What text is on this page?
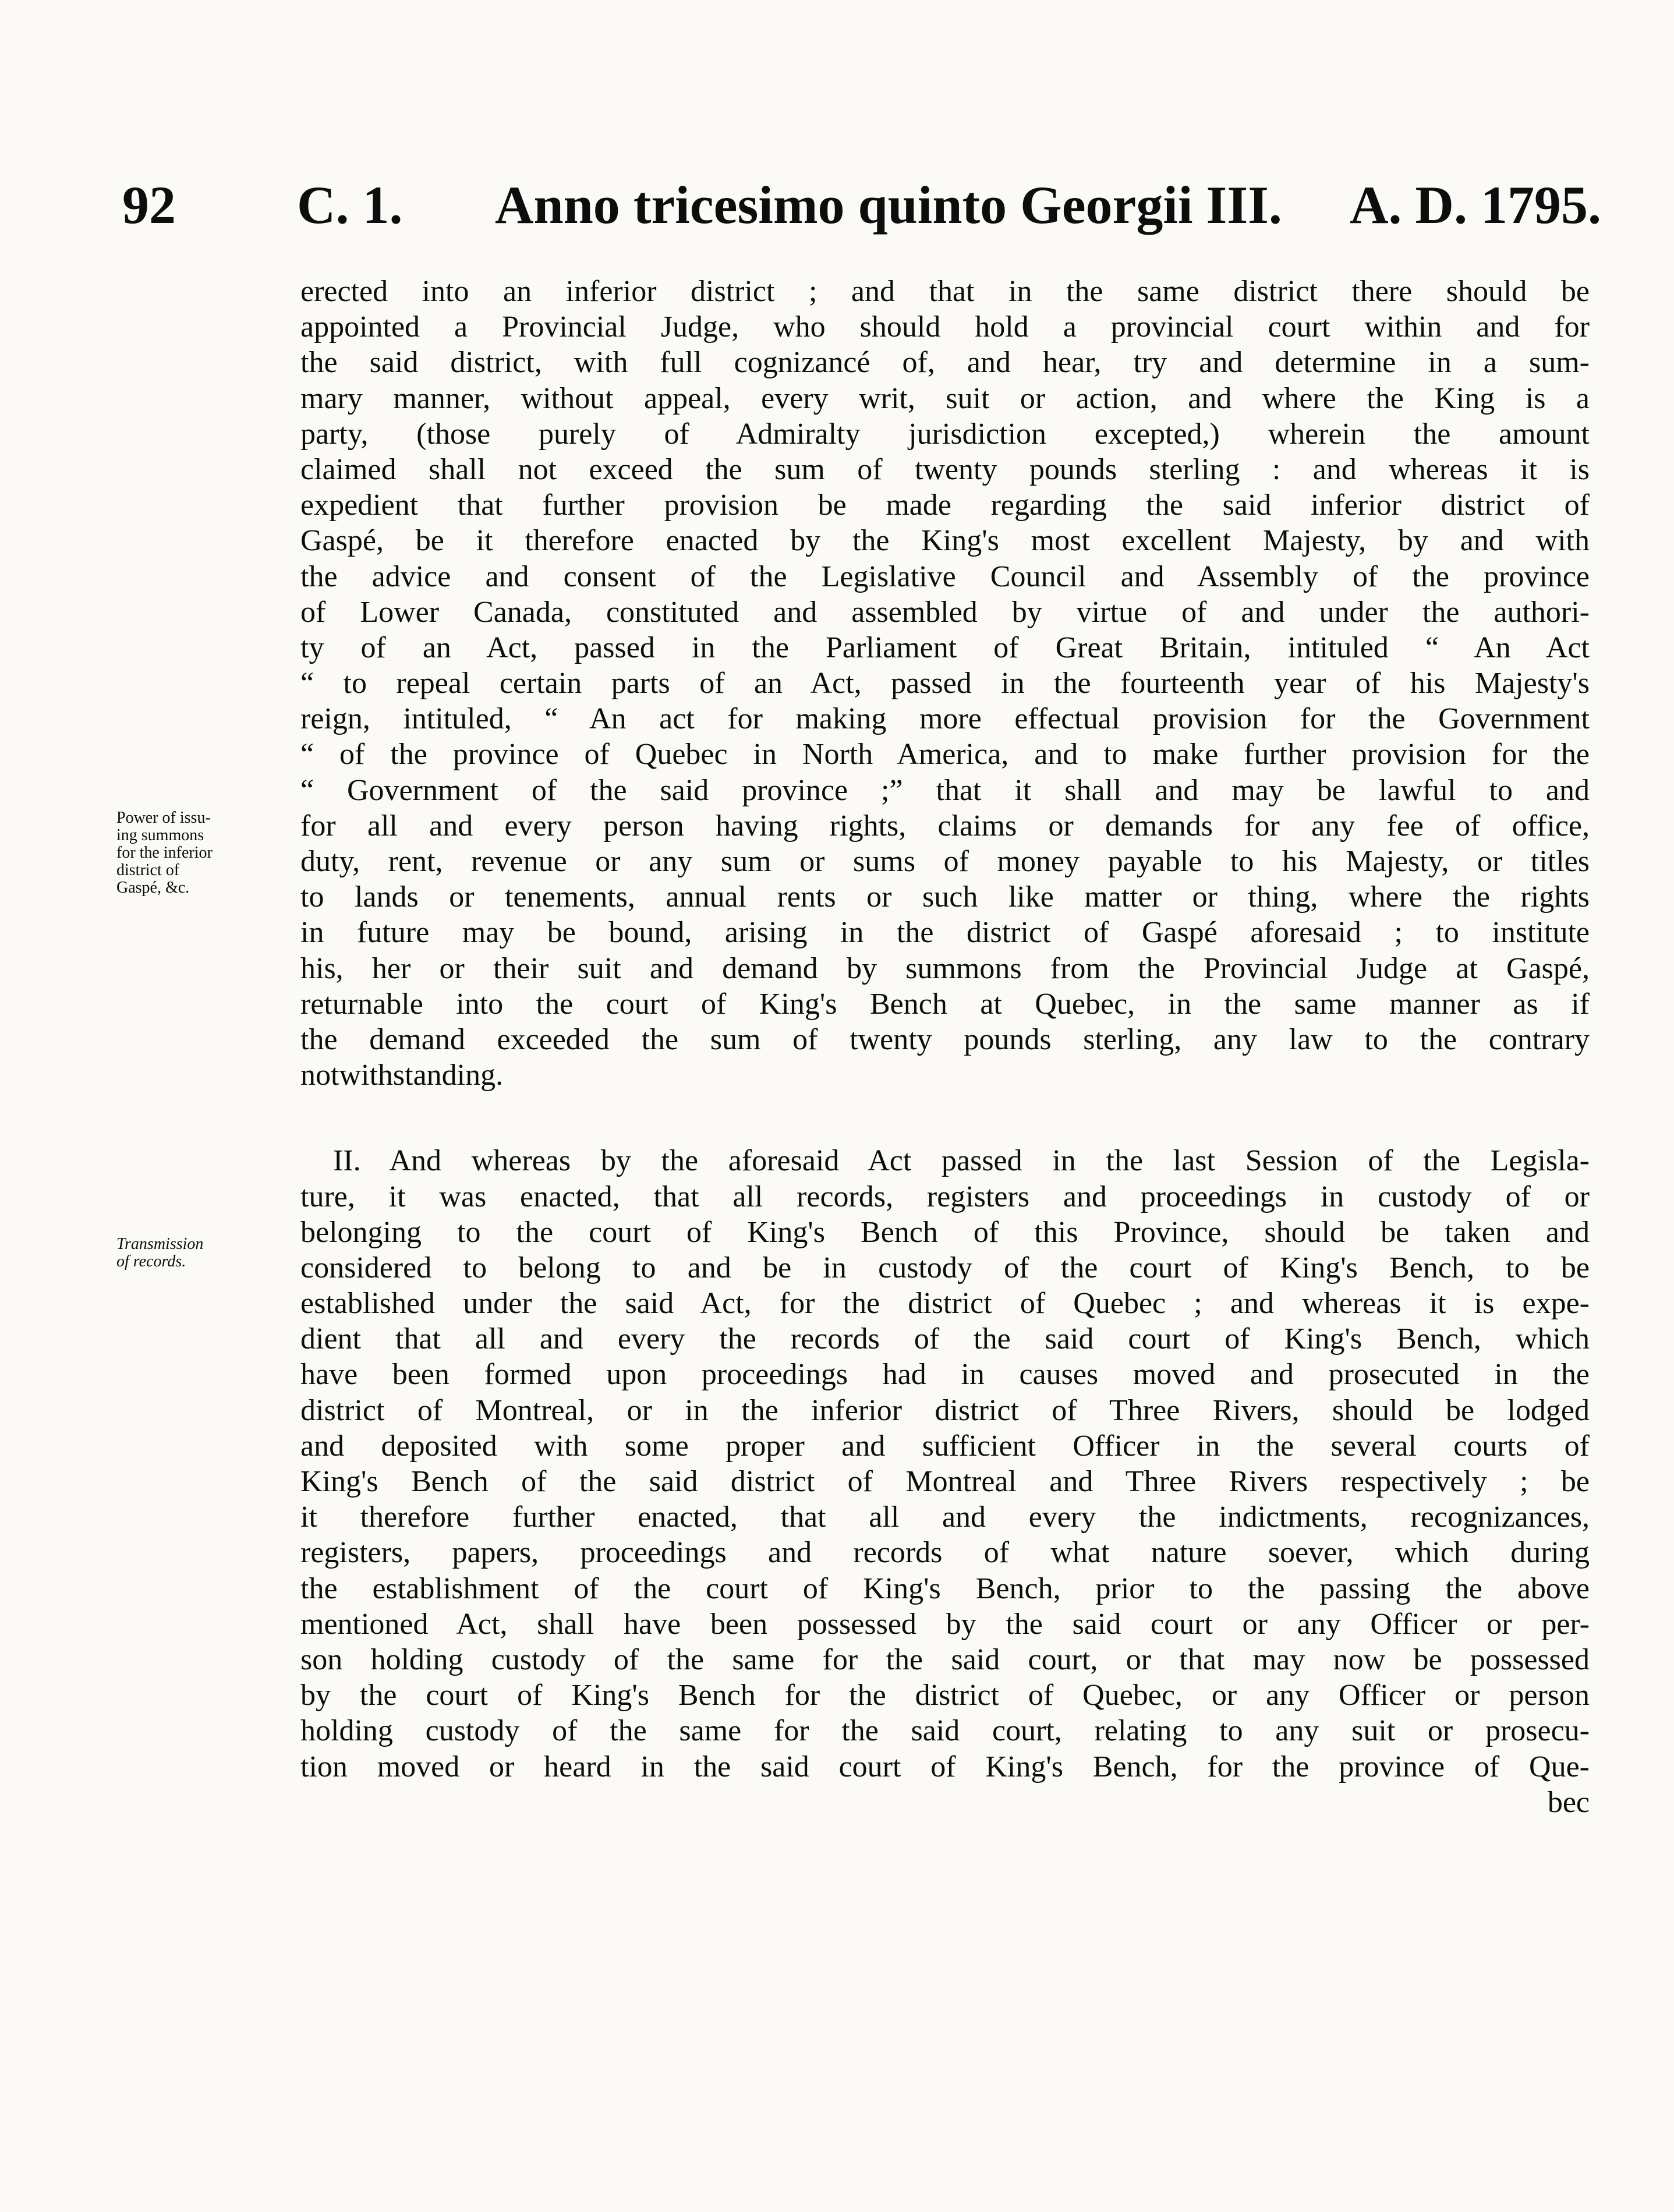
92 C. 1. Anno tricesimo quinto Georgii III. A. D. 1795.
Power of issu-
ing summons
for the inferior
district of
Gaspé, &c.
Transmission
of records.
erected into an inferior district ; and that in the same district there should be
appointed a Provincial Judge, who should hold a provincial court within and for
the said district, with full cognizancé of, and hear, try and determine in a sum-
mary manner, without appeal, every writ, suit or action, and where the King is a
party, (those purely of Admiralty jurisdiction excepted,) wherein the amount
claimed shall not exceed the sum of twenty pounds sterling : and whereas it is
expedient that further provision be made regarding the said inferior district of
Gaspé, be it therefore enacted by the King's most excellent Majesty, by and with
the advice and consent of the Legislative Council and Assembly of the province
of Lower Canada, constituted and assembled by virtue of and under the authori-
ty of an Act, passed in the Parliament of Great Britain, intituled “ An Act
“ to repeal certain parts of an Act, passed in the fourteenth year of his Majesty's
reign, intituled, “ An act for making more effectual provision for the Government
“ of the province of Quebec in North America, and to make further provision for the
“ Government of the said province ;” that it shall and may be lawful to and
for all and every person having rights, claims or demands for any fee of office,
duty, rent, revenue or any sum or sums of money payable to his Majesty, or titles
to lands or tenements, annual rents or such like matter or thing, where the rights
in future may be bound, arising in the district of Gaspé aforesaid ; to institute
his, her or their suit and demand by summons from the Provincial Judge at Gaspé,
returnable into the court of King's Bench at Quebec, in the same manner as if
the demand exceeded the sum of twenty pounds sterling, any law to the contrary
notwithstanding.
II. And whereas by the aforesaid Act passed in the last Session of the Legisla-
ture, it was enacted, that all records, registers and proceedings in custody of or
belonging to the court of King's Bench of this Province, should be taken and
considered to belong to and be in custody of the court of King's Bench, to be
established under the said Act, for the district of Quebec ; and whereas it is expe-
dient that all and every the records of the said court of King's Bench, which
have been formed upon proceedings had in causes moved and prosecuted in the
district of Montreal, or in the inferior district of Three Rivers, should be lodged
and deposited with some proper and sufficient Officer in the several courts of
King's Bench of the said district of Montreal and Three Rivers respectively ; be
it therefore further enacted, that all and every the indictments, recognizances,
registers, papers, proceedings and records of what nature soever, which during
the establishment of the court of King's Bench, prior to the passing the above
mentioned Act, shall have been possessed by the said court or any Officer or per-
son holding custody of the same for the said court, or that may now be possessed
by the court of King's Bench for the district of Quebec, or any Officer or person
holding custody of the same for the said court, relating to any suit or prosecu-
tion moved or heard in the said court of King's Bench, for the province of Que-
bec
